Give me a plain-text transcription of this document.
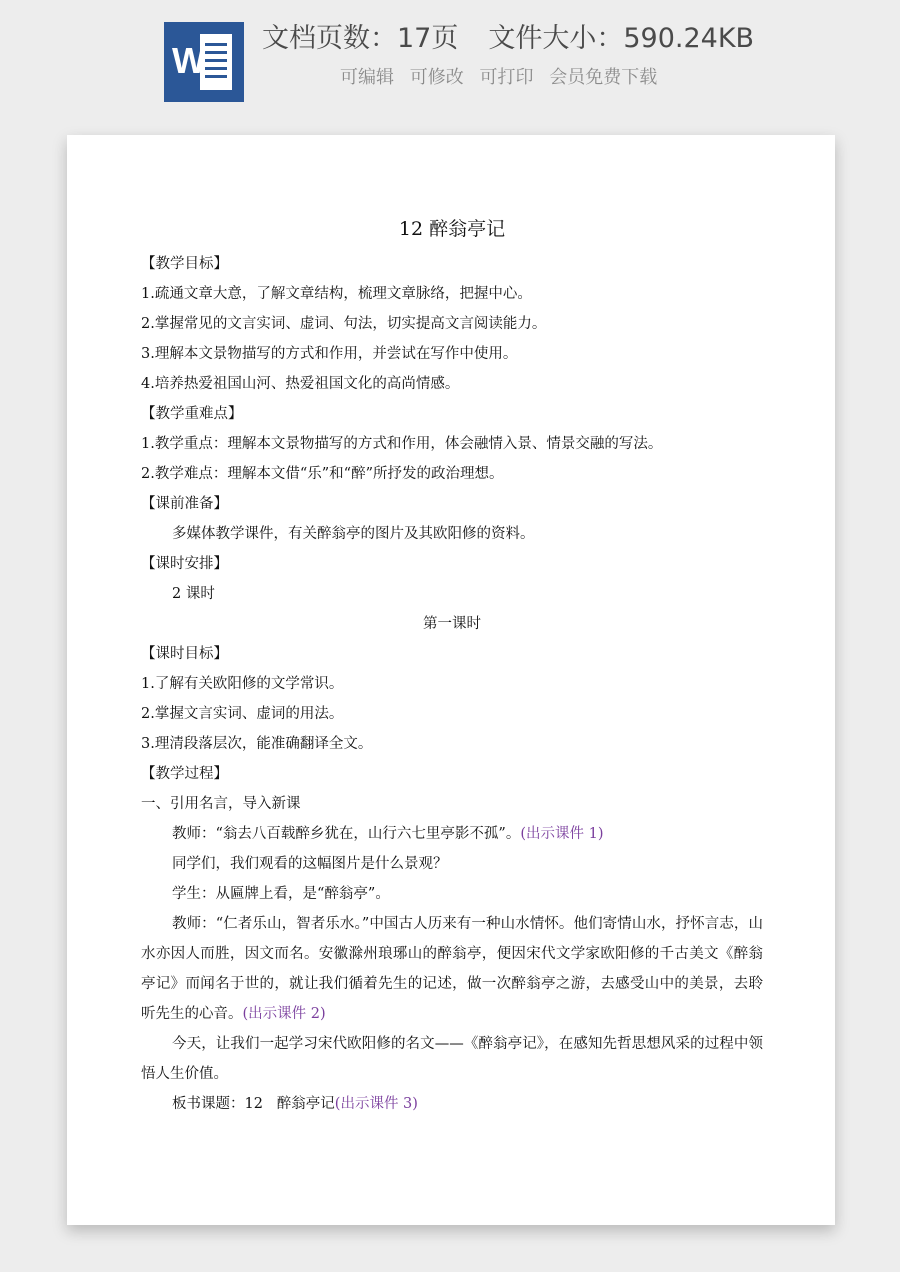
W
文档页数：17页 文件大小：590.24KB
可编辑 可修改 可打印 会员免费下载
12 醉翁亭记
【教学目标】
1.疏通文章大意，了解文章结构，梳理文章脉络，把握中心。
2.掌握常见的文言实词、虚词、句法，切实提高文言阅读能力。
3.理解本文景物描写的方式和作用，并尝试在写作中使用。
4.培养热爱祖国山河、热爱祖国文化的高尚情感。
【教学重难点】
1.教学重点：理解本文景物描写的方式和作用，体会融情入景、情景交融的写法。
2.教学难点：理解本文借“乐”和“醉”所抒发的政治理想。
【课前准备】
多媒体教学课件，有关醉翁亭的图片及其欧阳修的资料。
【课时安排】
2 课时
第一课时
【课时目标】
1.了解有关欧阳修的文学常识。
2.掌握文言实词、虚词的用法。
3.理清段落层次，能准确翻译全文。
【教学过程】
一、引用名言，导入新课
教师：“翁去八百载醉乡犹在，山行六七里亭影不孤”。(出示课件 1)
同学们，我们观看的这幅图片是什么景观？
学生：从匾牌上看，是“醉翁亭”。
教师：“仁者乐山，智者乐水。”中国古人历来有一种山水情怀。他们寄情山水，抒怀言志，山水亦因人而胜，因文而名。安徽滁州琅琊山的醉翁亭，便因宋代文学家欧阳修的千古美文《醉翁亭记》而闻名于世的，就让我们循着先生的记述，做一次醉翁亭之游，去感受山中的美景，去聆听先生的心音。(出示课件 2)
今天，让我们一起学习宋代欧阳修的名文——《醉翁亭记》，在感知先哲思想风采的过程中领悟人生价值。
板书课题：12   醉翁亭记(出示课件 3)
